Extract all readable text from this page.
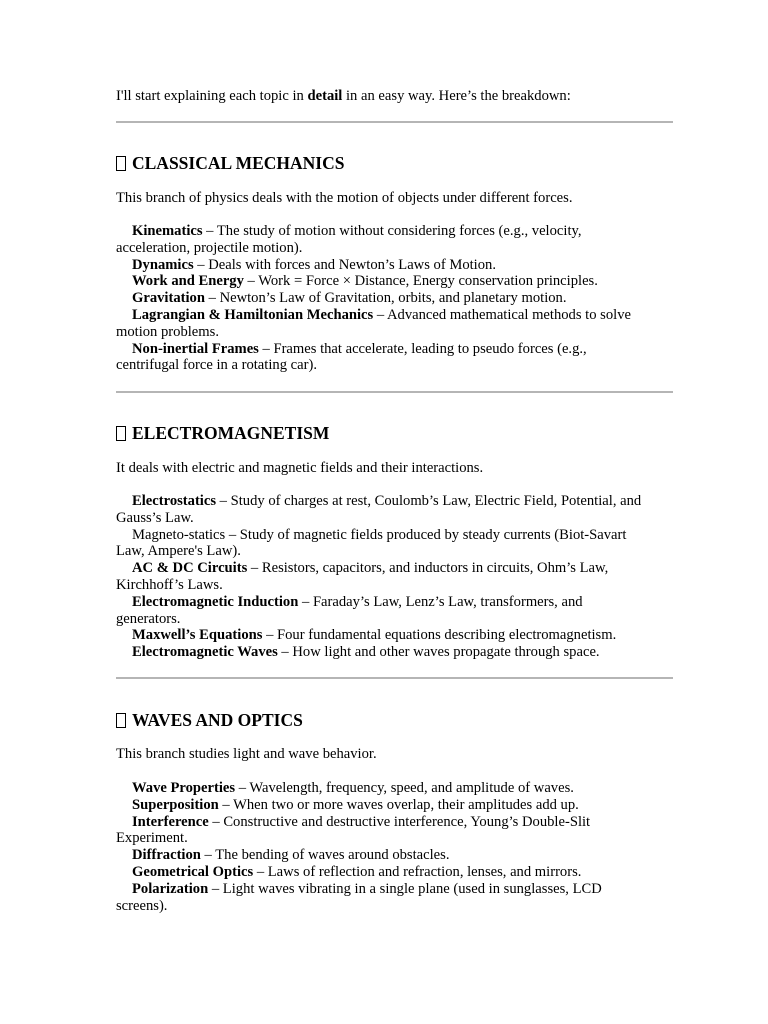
I'll start explaining each topic in detail in an easy way. Here’s the breakdown:

CLASSICAL MECHANICS

This branch of physics deals with the motion of objects under different forces.

Kinematics – The study of motion without considering forces (e.g., velocity, acceleration, projectile motion).
Dynamics – Deals with forces and Newton’s Laws of Motion.
Work and Energy – Work = Force × Distance, Energy conservation principles.
Gravitation – Newton’s Law of Gravitation, orbits, and planetary motion.
Lagrangian & Hamiltonian Mechanics – Advanced mathematical methods to solve motion problems.
Non-inertial Frames – Frames that accelerate, leading to pseudo forces (e.g., centrifugal force in a rotating car).
ELECTROMAGNETISM

It deals with electric and magnetic fields and their interactions.

Electrostatics – Study of charges at rest, Coulomb’s Law, Electric Field, Potential, and Gauss’s Law.
Magneto-statics – Study of magnetic fields produced by steady currents (Biot-Savart Law, Ampere's Law).
AC & DC Circuits – Resistors, capacitors, and inductors in circuits, Ohm’s Law, Kirchhoff’s Laws.
Electromagnetic Induction – Faraday’s Law, Lenz’s Law, transformers, and generators.
Maxwell’s Equations – Four fundamental equations describing electromagnetism.
Electromagnetic Waves – How light and other waves propagate through space.
WAVES AND OPTICS

This branch studies light and wave behavior.

Wave Properties – Wavelength, frequency, speed, and amplitude of waves.
Superposition – When two or more waves overlap, their amplitudes add up.
Interference – Constructive and destructive interference, Young’s Double-Slit Experiment.
Diffraction – The bending of waves around obstacles.
Geometrical Optics – Laws of reflection and refraction, lenses, and mirrors.
Polarization – Light waves vibrating in a single plane (used in sunglasses, LCD screens).
